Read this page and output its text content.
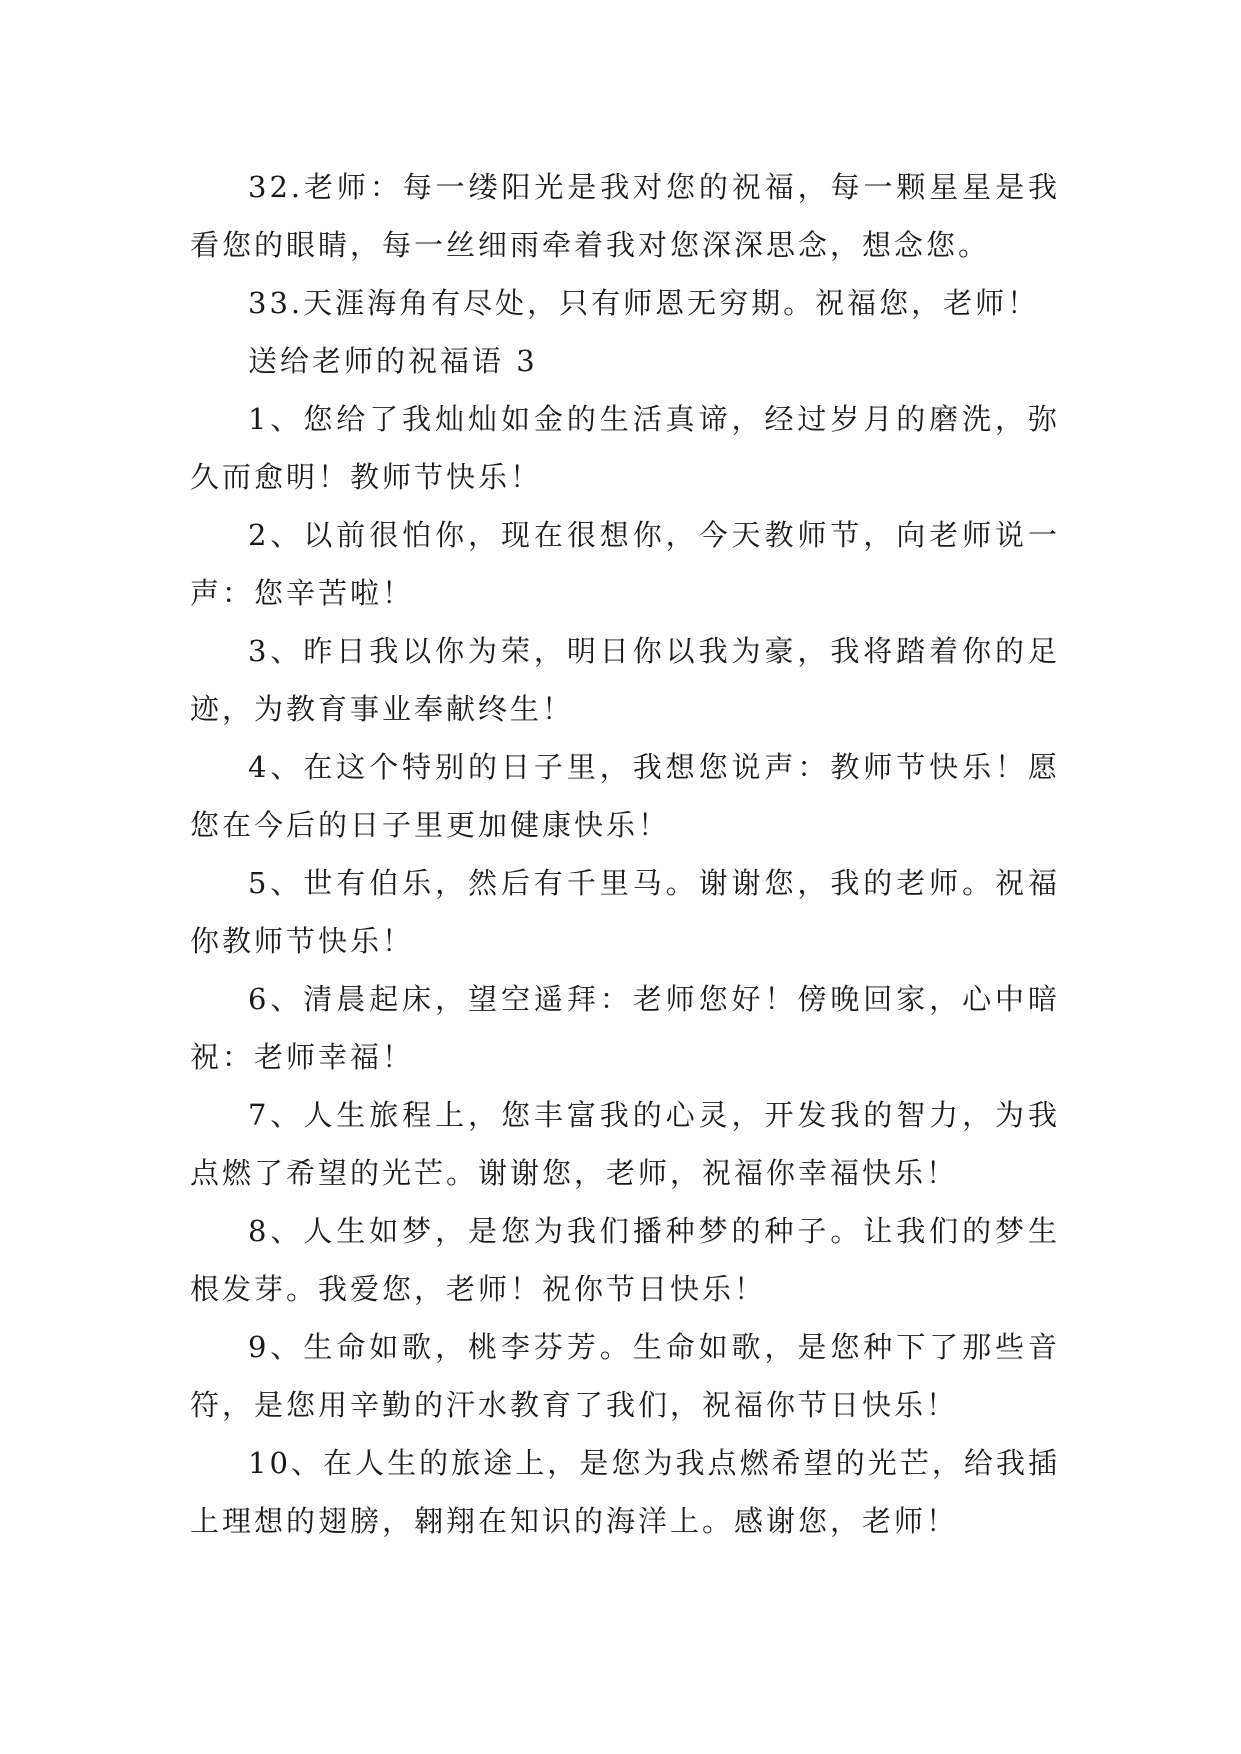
32.老师：每一缕阳光是我对您的祝福，每一颗星星是我看您的眼睛，每一丝细雨牵着我对您深深思念，想念您。

33.天涯海角有尽处，只有师恩无穷期。祝福您，老师！

送给老师的祝福语 3

1、您给了我灿灿如金的生活真谛，经过岁月的磨洗，弥久而愈明！教师节快乐！

2、以前很怕你，现在很想你，今天教师节，向老师说一声：您辛苦啦！

3、昨日我以你为荣，明日你以我为豪，我将踏着你的足迹，为教育事业奉献终生！

4、在这个特别的日子里，我想您说声：教师节快乐！愿您在今后的日子里更加健康快乐！

5、世有伯乐，然后有千里马。谢谢您，我的老师。祝福你教师节快乐！

6、清晨起床，望空遥拜：老师您好！傍晚回家，心中暗祝：老师幸福！

7、人生旅程上，您丰富我的心灵，开发我的智力，为我点燃了希望的光芒。谢谢您，老师，祝福你幸福快乐！

8、人生如梦，是您为我们播种梦的种子。让我们的梦生根发芽。我爱您，老师！祝你节日快乐！

9、生命如歌，桃李芬芳。生命如歌，是您种下了那些音符，是您用辛勤的汗水教育了我们，祝福你节日快乐！

10、在人生的旅途上，是您为我点燃希望的光芒，给我插上理想的翅膀，翱翔在知识的海洋上。感谢您，老师！
